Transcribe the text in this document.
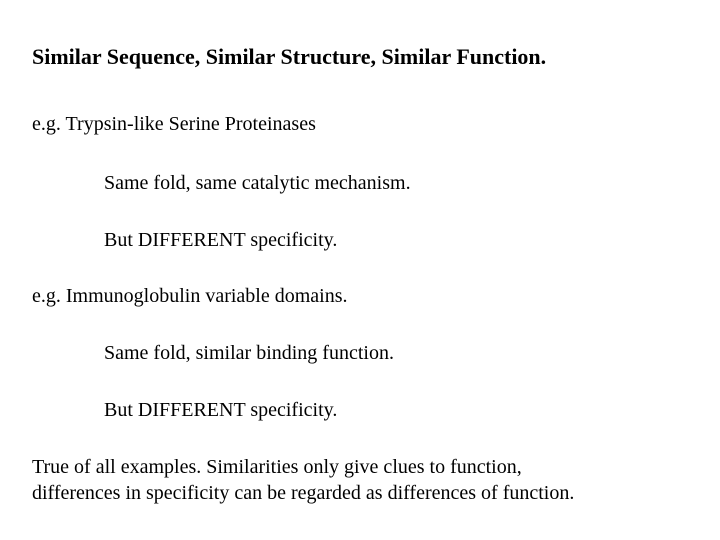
Similar Sequence, Similar Structure, Similar Function.
e.g. Trypsin-like Serine Proteinases
Same fold, same catalytic mechanism.
But DIFFERENT specificity.
e.g. Immunoglobulin variable domains.
Same fold, similar binding function.
But DIFFERENT specificity.
True of all examples. Similarities only give clues to function,
differences in specificity can be regarded as differences of function.
